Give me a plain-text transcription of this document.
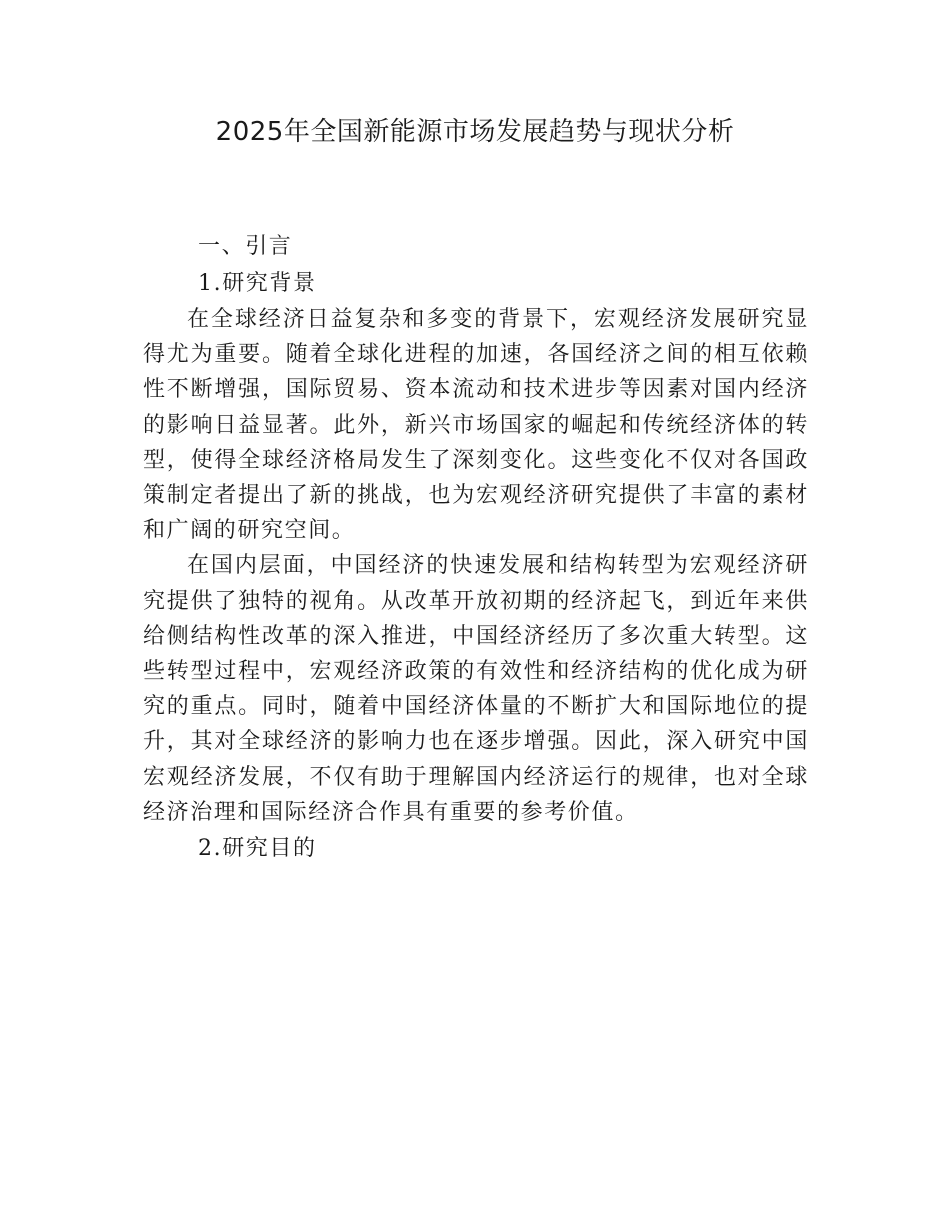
2025年全国新能源市场发展趋势与现状分析
一、引言
1.研究背景

在全球经济日益复杂和多变的背景下，宏观经济发展研究显得尤为重要。随着全球化进程的加速，各国经济之间的相互依赖性不断增强，国际贸易、资本流动和技术进步等因素对国内经济的影响日益显著。此外，新兴市场国家的崛起和传统经济体的转型，使得全球经济格局发生了深刻变化。这些变化不仅对各国政策制定者提出了新的挑战，也为宏观经济研究提供了丰富的素材和广阔的研究空间。

在国内层面，中国经济的快速发展和结构转型为宏观经济研究提供了独特的视角。从改革开放初期的经济起飞，到近年来供给侧结构性改革的深入推进，中国经济经历了多次重大转型。这些转型过程中，宏观经济政策的有效性和经济结构的优化成为研究的重点。同时，随着中国经济体量的不断扩大和国际地位的提升，其对全球经济的影响力也在逐步增强。因此，深入研究中国宏观经济发展，不仅有助于理解国内经济运行的规律，也对全球经济治理和国际经济合作具有重要的参考价值。

2.研究目的
